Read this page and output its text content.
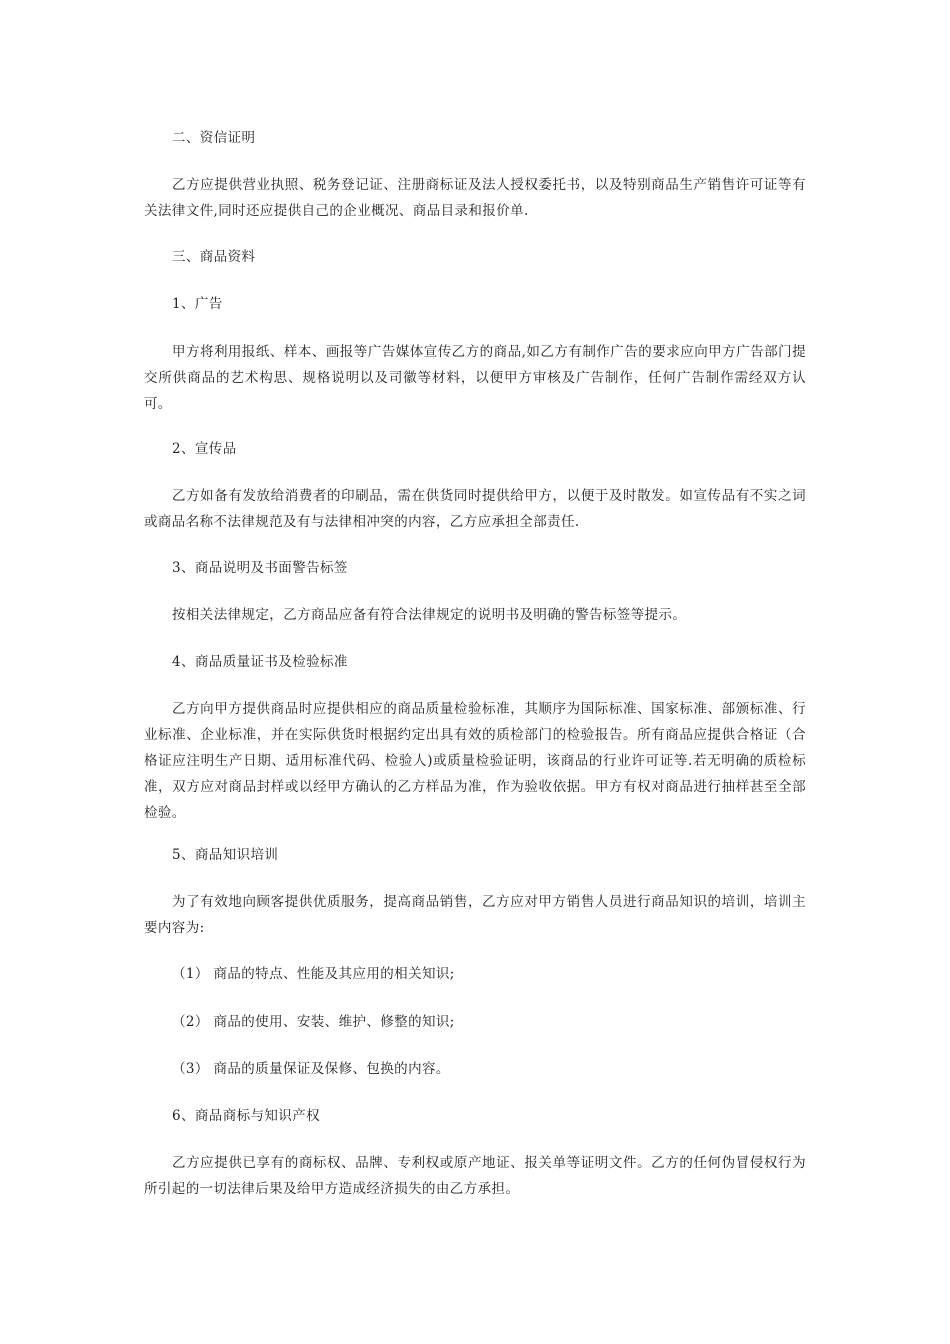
二、资信证明

乙方应提供营业执照、税务登记证、注册商标证及法人授权委托书，以及特别商品生产销售许可证等有关法律文件,同时还应提供自己的企业概况、商品目录和报价单.

三、商品资料

1、广告

甲方将利用报纸、样本、画报等广告媒体宣传乙方的商品,如乙方有制作广告的要求应向甲方广告部门提交所供商品的艺术构思、规格说明以及司徽等材料，以便甲方审核及广告制作，任何广告制作需经双方认可。

2、宣传品

乙方如备有发放给消费者的印刷品，需在供货同时提供给甲方，以便于及时散发。如宣传品有不实之词或商品名称不法律规范及有与法律相冲突的内容，乙方应承担全部责任.

3、商品说明及书面警告标签

按相关法律规定，乙方商品应备有符合法律规定的说明书及明确的警告标签等提示。

4、商品质量证书及检验标准

乙方向甲方提供商品时应提供相应的商品质量检验标准，其顺序为国际标准、国家标准、部颁标准、行业标准、企业标准，并在实际供货时根据约定出具有效的质检部门的检验报告。所有商品应提供合格证（合格证应注明生产日期、适用标准代码、检验人)或质量检验证明，该商品的行业许可证等.若无明确的质检标准，双方应对商品封样或以经甲方确认的乙方样品为准，作为验收依据。甲方有权对商品进行抽样甚至全部检验。

5、商品知识培训

为了有效地向顾客提供优质服务，提高商品销售，乙方应对甲方销售人员进行商品知识的培训，培训主要内容为:

（1） 商品的特点、性能及其应用的相关知识;

（2） 商品的使用、安装、维护、修整的知识;

（3） 商品的质量保证及保修、包换的内容。

6、商品商标与知识产权

乙方应提供已享有的商标权、品牌、专利权或原产地证、报关单等证明文件。乙方的任何伪冒侵权行为所引起的一切法律后果及给甲方造成经济损失的由乙方承担。
